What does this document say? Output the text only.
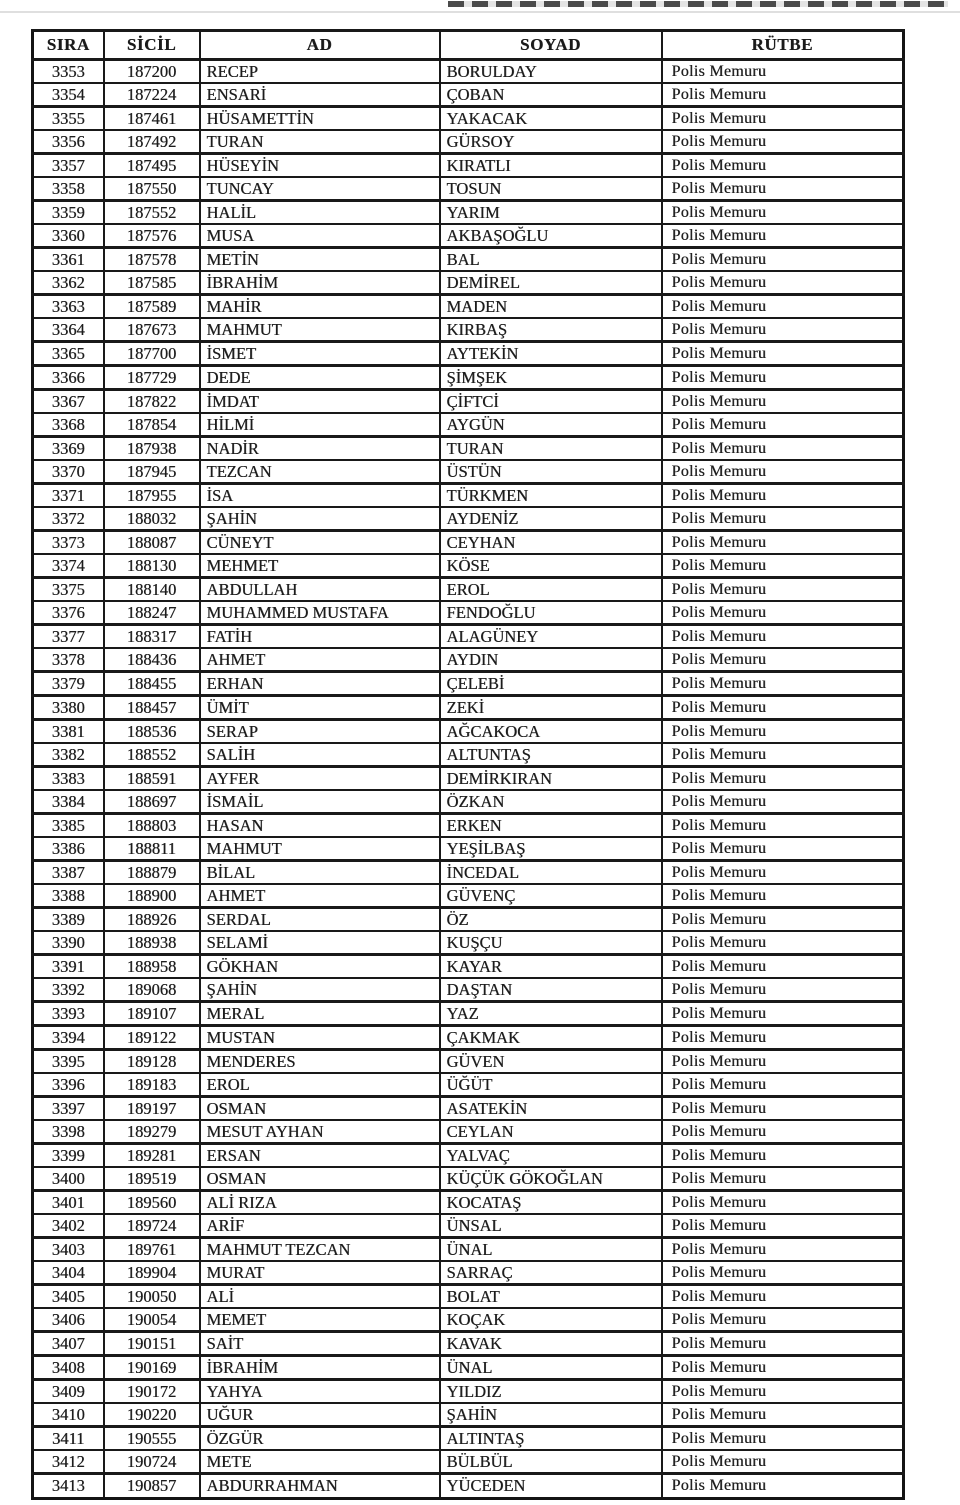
SIRA	SİCİL	AD	SOYAD	RÜTBE
3353	187200	RECEP	BORULDAY	Polis Memuru
3354	187224	ENSARİ	ÇOBAN	Polis Memuru
3355	187461	HÜSAMETTİN	YAKACAK	Polis Memuru
3356	187492	TURAN	GÜRSOY	Polis Memuru
3357	187495	HÜSEYİN	KIRATLI	Polis Memuru
3358	187550	TUNCAY	TOSUN	Polis Memuru
3359	187552	HALİL	YARIM	Polis Memuru
3360	187576	MUSA	AKBAŞOĞLU	Polis Memuru
3361	187578	METİN	BAL	Polis Memuru
3362	187585	İBRAHİM	DEMİREL	Polis Memuru
3363	187589	MAHİR	MADEN	Polis Memuru
3364	187673	MAHMUT	KIRBAŞ	Polis Memuru
3365	187700	İSMET	AYTEKİN	Polis Memuru
3366	187729	DEDE	ŞİMŞEK	Polis Memuru
3367	187822	İMDAT	ÇİFTCİ	Polis Memuru
3368	187854	HİLMİ	AYGÜN	Polis Memuru
3369	187938	NADİR	TURAN	Polis Memuru
3370	187945	TEZCAN	ÜSTÜN	Polis Memuru
3371	187955	İSA	TÜRKMEN	Polis Memuru
3372	188032	ŞAHİN	AYDENİZ	Polis Memuru
3373	188087	CÜNEYT	CEYHAN	Polis Memuru
3374	188130	MEHMET	KÖSE	Polis Memuru
3375	188140	ABDULLAH	EROL	Polis Memuru
3376	188247	MUHAMMED MUSTAFA	FENDOĞLU	Polis Memuru
3377	188317	FATİH	ALAGÜNEY	Polis Memuru
3378	188436	AHMET	AYDIN	Polis Memuru
3379	188455	ERHAN	ÇELEBİ	Polis Memuru
3380	188457	ÜMİT	ZEKİ	Polis Memuru
3381	188536	SERAP	AĞCAKOCA	Polis Memuru
3382	188552	SALİH	ALTUNTAŞ	Polis Memuru
3383	188591	AYFER	DEMİRKIRAN	Polis Memuru
3384	188697	İSMAİL	ÖZKAN	Polis Memuru
3385	188803	HASAN	ERKEN	Polis Memuru
3386	188811	MAHMUT	YEŞİLBAŞ	Polis Memuru
3387	188879	BİLAL	İNCEDAL	Polis Memuru
3388	188900	AHMET	GÜVENÇ	Polis Memuru
3389	188926	SERDAL	ÖZ	Polis Memuru
3390	188938	SELAMİ	KUŞÇU	Polis Memuru
3391	188958	GÖKHAN	KAYAR	Polis Memuru
3392	189068	ŞAHİN	DAŞTAN	Polis Memuru
3393	189107	MERAL	YAZ	Polis Memuru
3394	189122	MUSTAN	ÇAKMAK	Polis Memuru
3395	189128	MENDERES	GÜVEN	Polis Memuru
3396	189183	EROL	ÜĞÜT	Polis Memuru
3397	189197	OSMAN	ASATEKİN	Polis Memuru
3398	189279	MESUT AYHAN	CEYLAN	Polis Memuru
3399	189281	ERSAN	YALVAÇ	Polis Memuru
3400	189519	OSMAN	KÜÇÜK GÖKOĞLAN	Polis Memuru
3401	189560	ALİ RIZA	KOCATAŞ	Polis Memuru
3402	189724	ARİF	ÜNSAL	Polis Memuru
3403	189761	MAHMUT TEZCAN	ÜNAL	Polis Memuru
3404	189904	MURAT	SARRAÇ	Polis Memuru
3405	190050	ALİ	BOLAT	Polis Memuru
3406	190054	MEMET	KOÇAK	Polis Memuru
3407	190151	SAİT	KAVAK	Polis Memuru
3408	190169	İBRAHİM	ÜNAL	Polis Memuru
3409	190172	YAHYA	YILDIZ	Polis Memuru
3410	190220	UĞUR	ŞAHİN	Polis Memuru
3411	190555	ÖZGÜR	ALTINTAŞ	Polis Memuru
3412	190724	METE	BÜLBÜL	Polis Memuru
3413	190857	ABDURRAHMAN	YÜCEDEN	Polis Memuru
